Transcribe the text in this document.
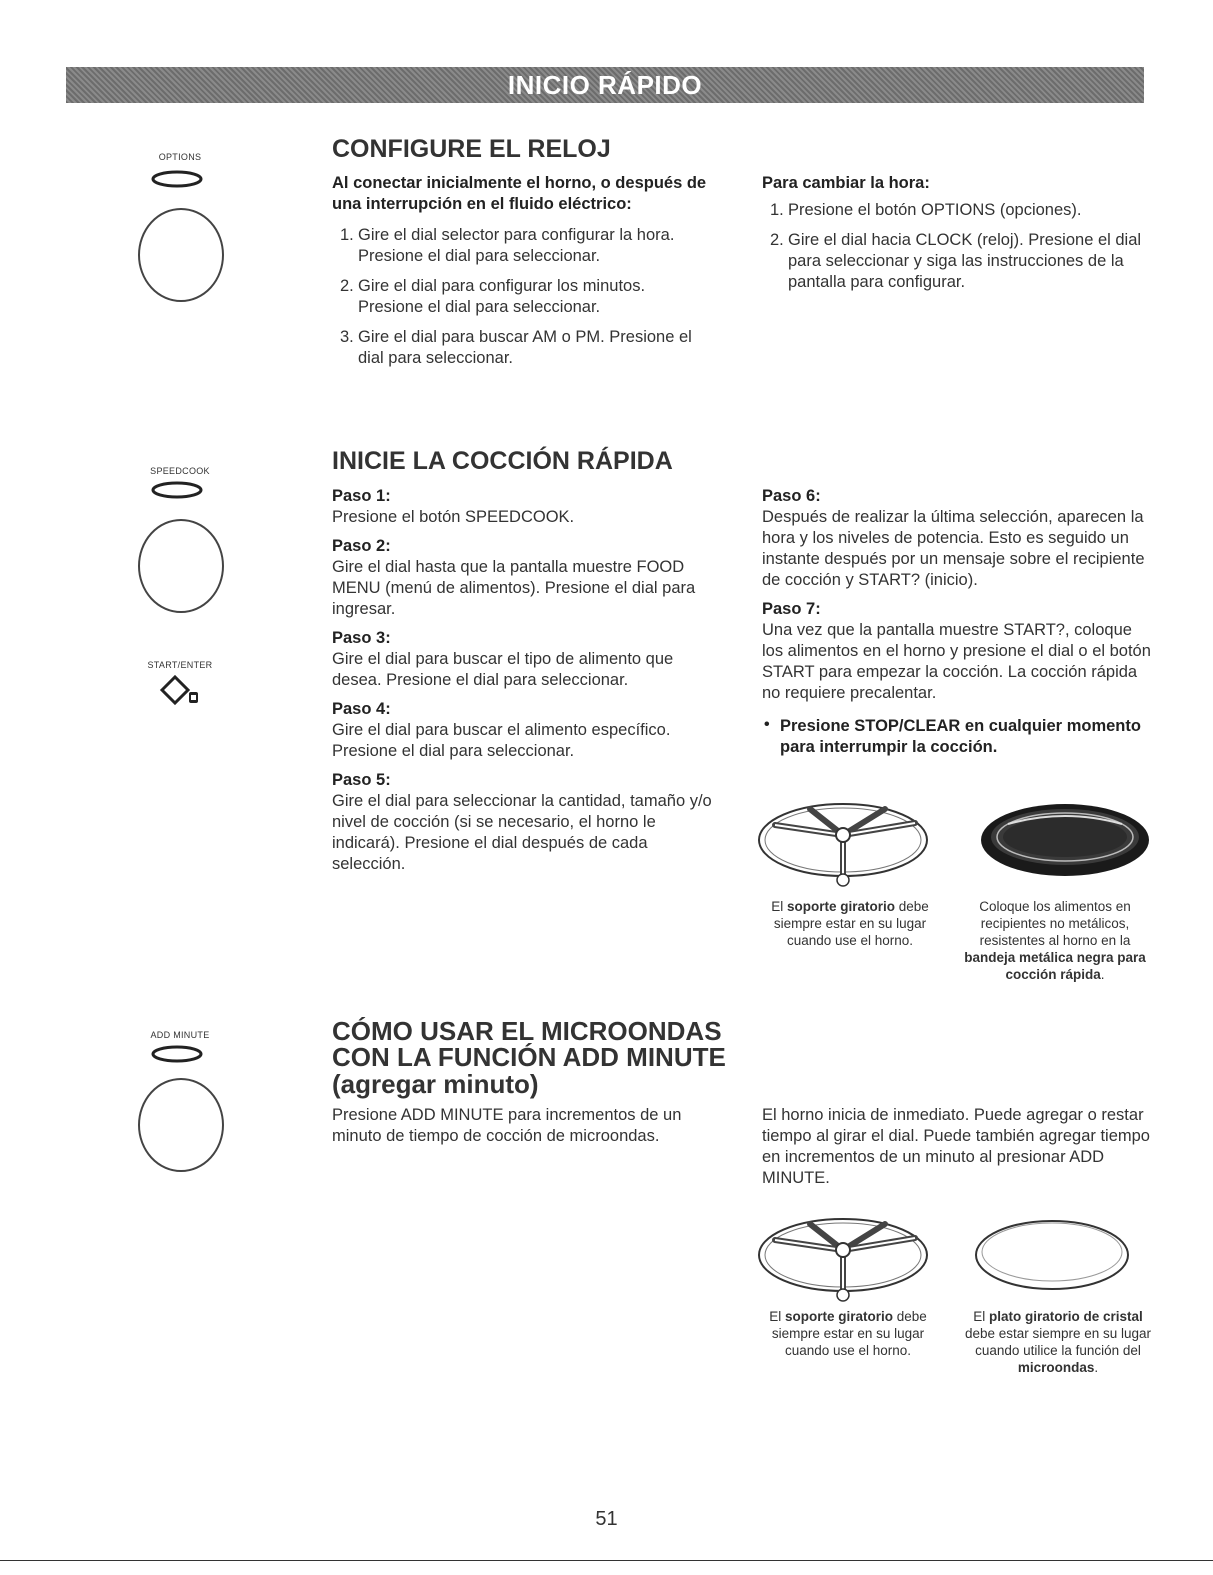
INICIO RÁPIDO
OPTIONS
SPEEDCOOK
START/ENTER
ADD MINUTE
CONFIGURE EL RELOJ
Al conectar inicialmente el horno, o después de una interrupción en el fluido eléctrico:
1. Gire el dial selector para configurar la hora. Presione el dial para seleccionar.
2. Gire el dial para configurar los minutos. Presione el dial para seleccionar.
3. Gire el dial para buscar AM o PM. Presione el dial para seleccionar.
Para cambiar la hora:
1. Presione el botón OPTIONS (opciones).
2. Gire el dial hacia CLOCK (reloj). Presione el dial para seleccionar y siga las instrucciones de la pantalla para configurar.
INICIE LA COCCIÓN RÁPIDA
Paso 1:
Presione el botón SPEEDCOOK.
Paso 2:
Gire el dial hasta que la pantalla muestre FOOD MENU (menú de alimentos). Presione el dial para ingresar.
Paso 3:
Gire el dial para buscar el tipo de alimento que desea. Presione el dial para seleccionar.
Paso 4:
Gire el dial para buscar el alimento específico. Presione el dial para seleccionar.
Paso 5:
Gire el dial para seleccionar la cantidad, tamaño y/o nivel de cocción (si se necesario, el horno le indicará). Presione el dial después de cada selección.
Paso 6:
Después de realizar la última selección, aparecen la hora y los niveles de potencia. Esto es seguido un instante después por un mensaje sobre el recipiente de cocción y START? (inicio).
Paso 7:
Una vez que la pantalla muestre START?, coloque los alimentos en el horno y presione el dial o el botón START para empezar la cocción. La cocción rápida no requiere precalentar.
• Presione STOP/CLEAR en cualquier momento para interrumpir la cocción.
El soporte giratorio debe siempre estar en su lugar cuando use el horno.
Coloque los alimentos en recipientes no metálicos, resistentes al horno en la bandeja metálica negra para cocción rápida.
CÓMO USAR EL MICROONDAS
CON LA FUNCIÓN ADD MINUTE
(agregar minuto)
Presione ADD MINUTE para incrementos de un minuto de tiempo de cocción de microondas.
El horno inicia de inmediato. Puede agregar o restar tiempo al girar el dial. Puede también agregar tiempo en incrementos de un minuto al presionar ADD MINUTE.
El soporte giratorio debe siempre estar en su lugar cuando use el horno.
El plato giratorio de cristal debe estar siempre en su lugar cuando utilice la función del microondas.
51
